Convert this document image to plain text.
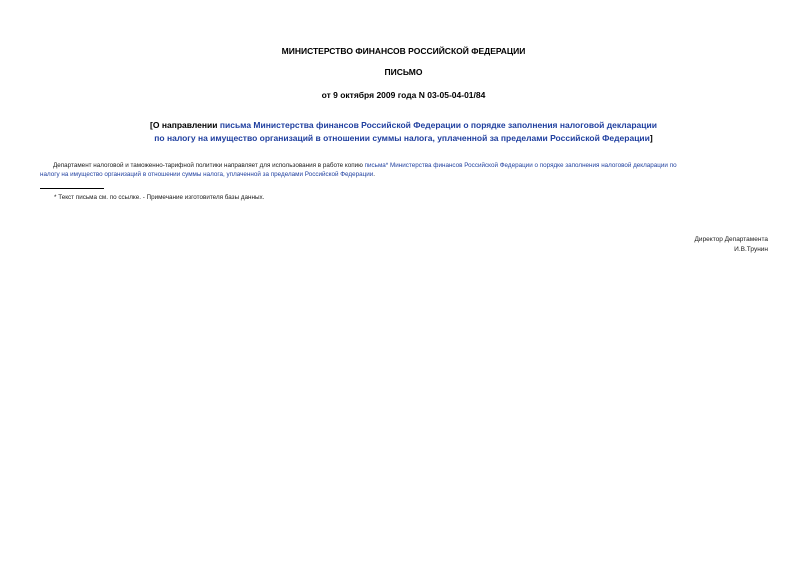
МИНИСТЕРСТВО ФИНАНСОВ РОССИЙСКОЙ ФЕДЕРАЦИИ
ПИСЬМО
от 9 октября 2009 года N 03-05-04-01/84
[О направлении письма Министерства финансов Российской Федерации о порядке заполнения налоговой декларации
по налогу на имущество организаций в отношении суммы налога, уплаченной за пределами Российской Федерации]
Департамент налоговой и таможенно-тарифной политики направляет для использования в работе копию письма* Министерства финансов Российской Федерации о порядке заполнения налоговой декларации по
налогу на имущество организаций в отношении суммы налога, уплаченной за пределами Российской Федерации.
* Текст письма см. по ссылке. - Примечание изготовителя базы данных.
Директор Департамента
И.В.Трунин
